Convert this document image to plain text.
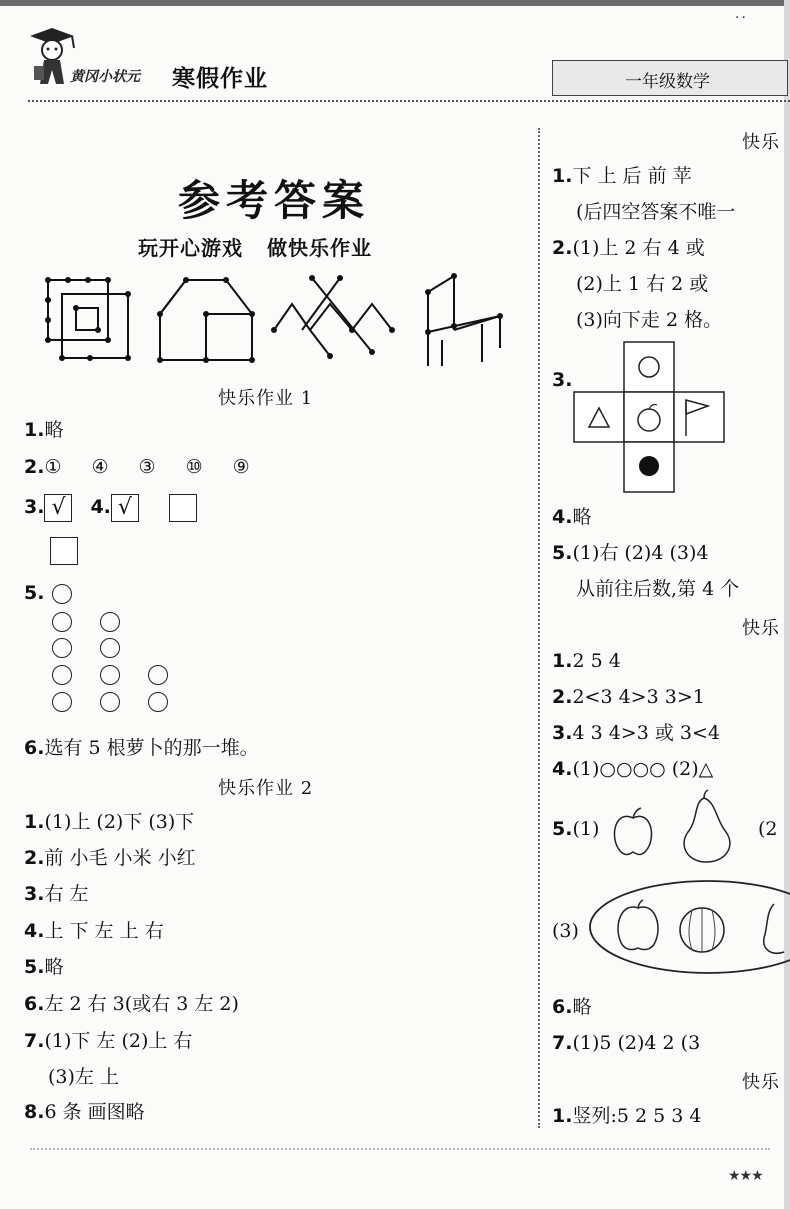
··
黄冈小状元 寒假作业	一年级数学
参考答案
玩开心游戏 做快乐作业
快乐作业 1
1.略
2.① ④ ③ ⑩ ⑨
3. √ 4. √
5.
6.选有 5 根萝卜的那一堆。
快乐作业 2
1.(1)上 (2)下 (3)下
2.前 小毛 小米 小红
3.右 左
4.上 下 左 上 右
5.略
6.左 2 右 3(或右 3 左 2)
7.(1)下 左 (2)上 右
(3)左 上
8.6 条 画图略
快乐
1.下 上 后 前 苹
(后四空答案不唯一
2.(1)上 2 右 4 或
(2)上 1 右 2 或
(3)向下走 2 格。
3.
4.略
5.(1)右 (2)4 (3)4
从前往后数,第 4 个
快乐
1.2 5 4
2.2<3 4>3 3>1
3.4 3 4>3 或 3<4
4.(1)○○○○ (2)△
5.(1)	(2
(3)
6.略
7.(1)5 (2)4 2 (3
快乐
1.竖列:5 2 5 3 4
★★★
